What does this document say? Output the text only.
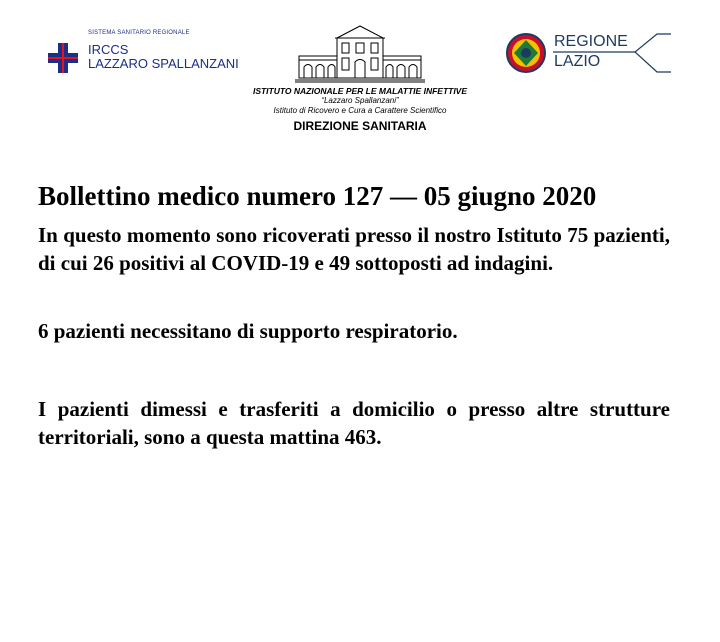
SISTEMA SANITARIO REGIONALE
IRCCS
LAZZARO SPALLANZANI
ISTITUTO NAZIONALE PER LE MALATTIE INFETTIVE
“Lazzaro Spallanzani”
Istituto di Ricovero e Cura a Carattere Scientifico
DIREZIONE SANITARIA
REGIONE
LAZIO

Bollettino medico numero 127 — 05 giugno 2020

In questo momento sono ricoverati presso il nostro Istituto 75 pazienti, di cui 26 positivi al COVID-19 e 49 sottoposti ad indagini.

6 pazienti necessitano di supporto respiratorio.

I pazienti dimessi e trasferiti a domicilio o presso altre strutture territoriali, sono a questa mattina 463.
